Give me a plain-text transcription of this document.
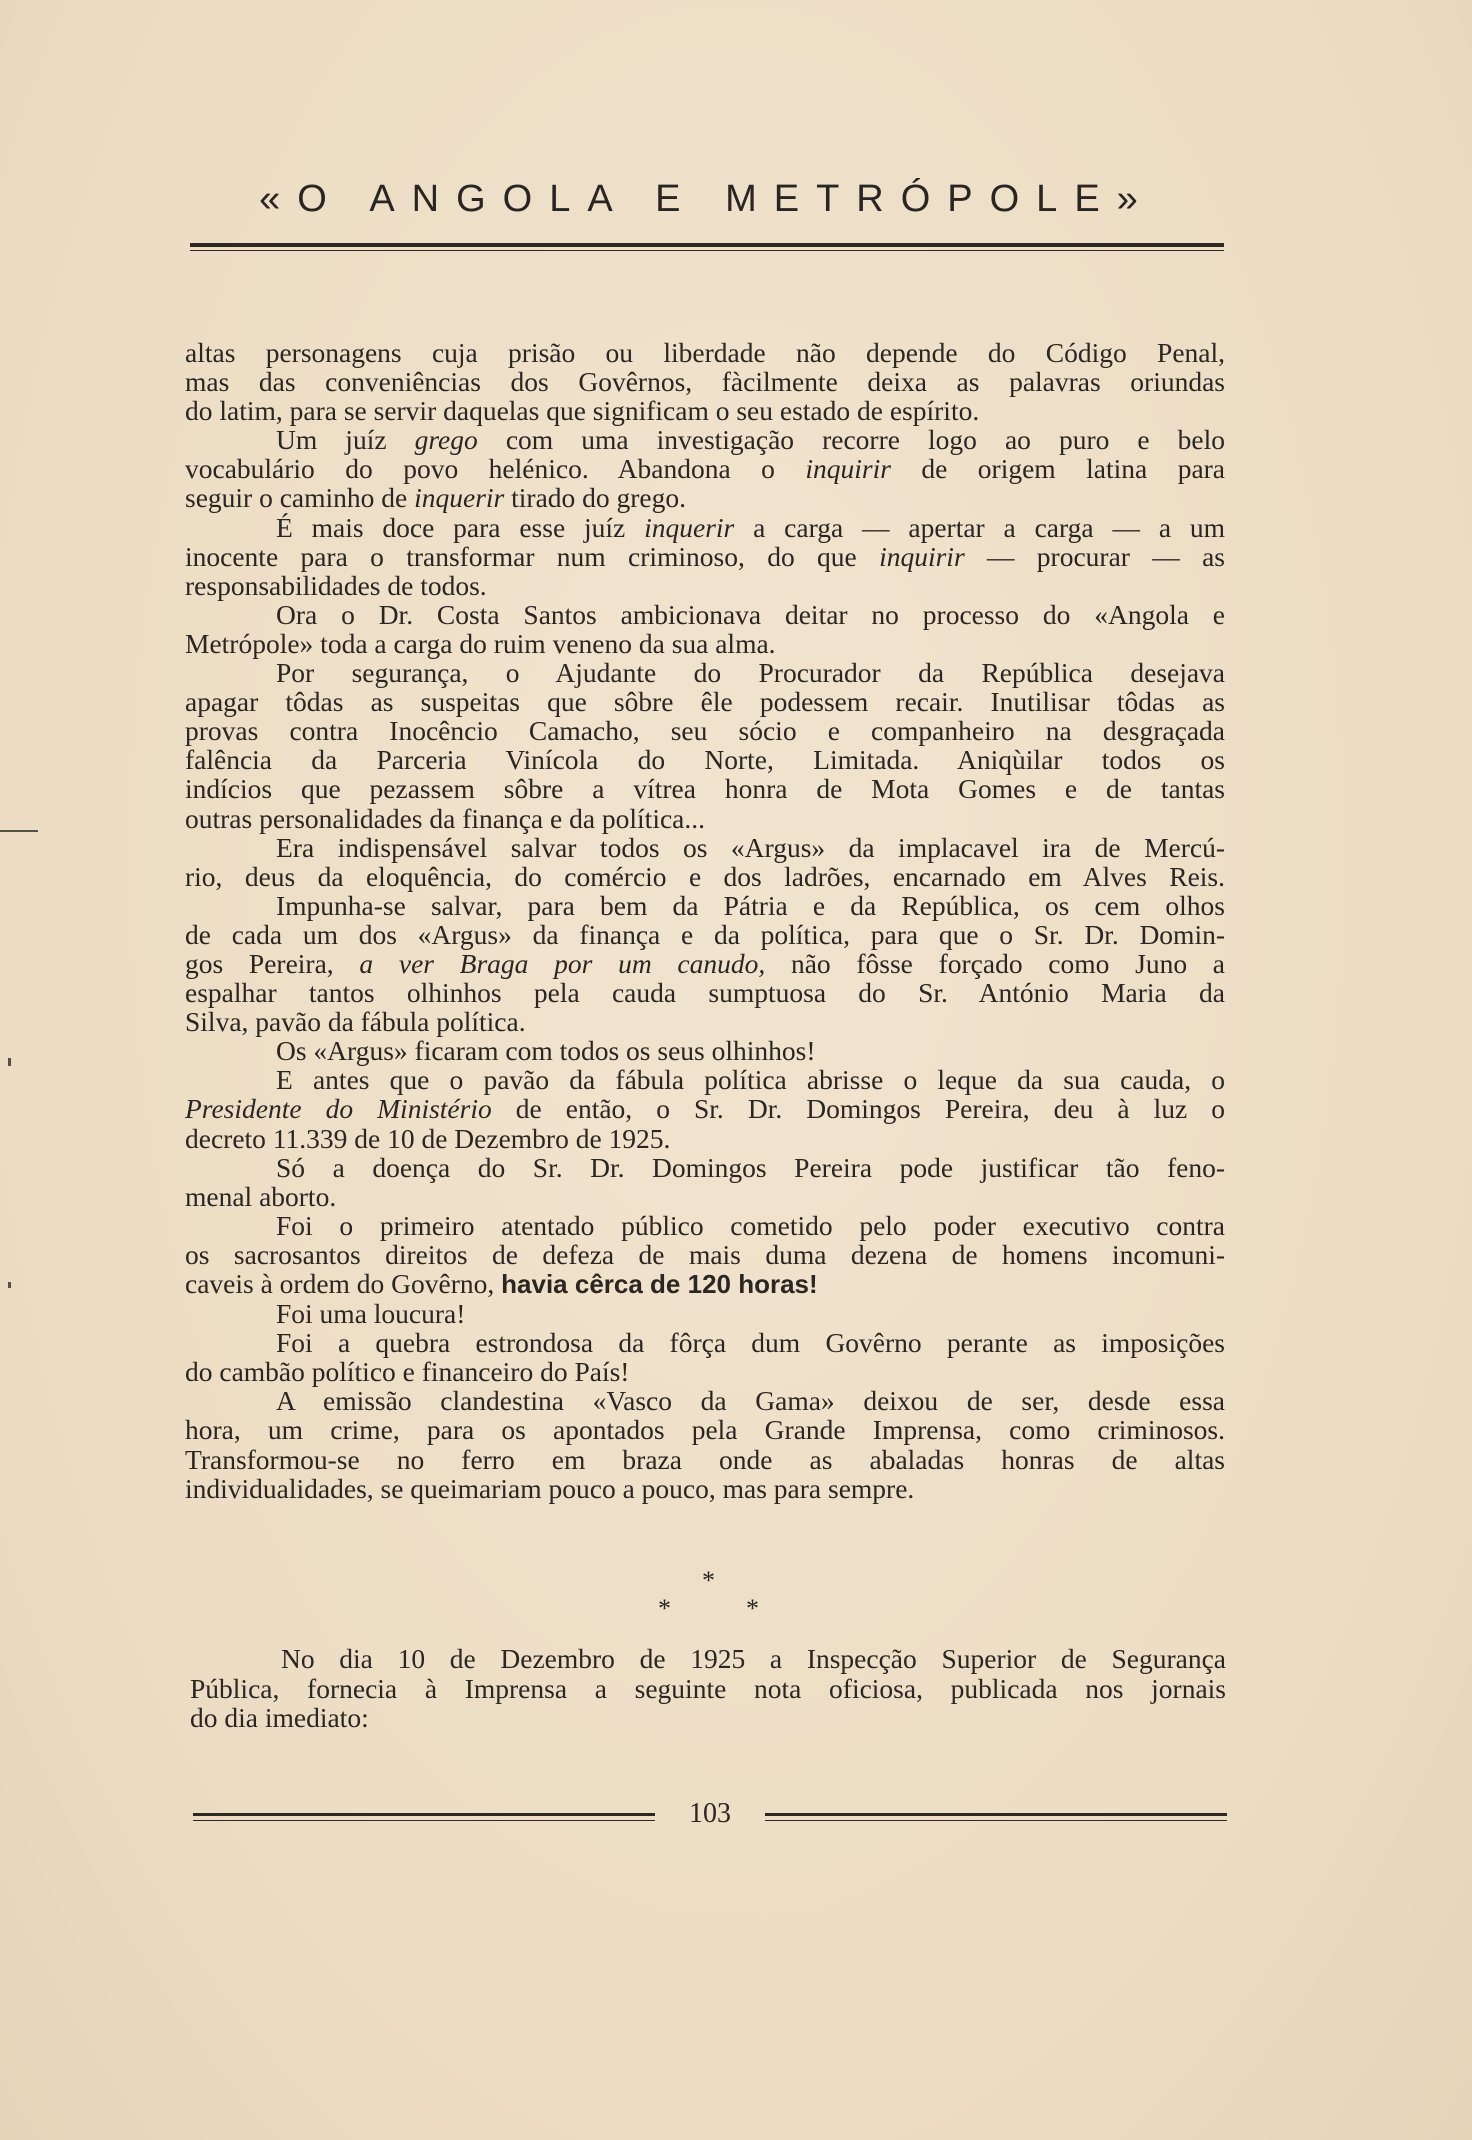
«O ANGOLA E METRÓPOLE»
altas personagens cuja prisão ou liberdade não depende do Código Penal,
mas das conveniências dos Govêrnos, fàcilmente deixa as palavras oriundas
do latim, para se servir daquelas que significam o seu estado de espírito.
Um juíz grego com uma investigação recorre logo ao puro e belo
vocabulário do povo helénico. Abandona o inquirir de origem latina para
seguir o caminho de inquerir tirado do grego.
É mais doce para esse juíz inquerir a carga — apertar a carga — a um
inocente para o transformar num criminoso, do que inquirir — procurar — as
responsabilidades de todos.
Ora o Dr. Costa Santos ambicionava deitar no processo do «Angola e
Metrópole» toda a carga do ruim veneno da sua alma.
Por segurança, o Ajudante do Procurador da República desejava
apagar tôdas as suspeitas que sôbre êle podessem recair. Inutilisar tôdas as
provas contra Inocêncio Camacho, seu sócio e companheiro na desgraçada
falência da Parceria Vinícola do Norte, Limitada. Aniqùilar todos os
indícios que pezassem sôbre a vítrea honra de Mota Gomes e de tantas
outras personalidades da finança e da política...
Era indispensável salvar todos os «Argus» da implacavel ira de Mercú-
rio, deus da eloquência, do comércio e dos ladrões, encarnado em Alves Reis.
Impunha-se salvar, para bem da Pátria e da República, os cem olhos
de cada um dos «Argus» da finança e da política, para que o Sr. Dr. Domin-
gos Pereira, a ver Braga por um canudo, não fôsse forçado como Juno a
espalhar tantos olhinhos pela cauda sumptuosa do Sr. António Maria da
Silva, pavão da fábula política.
Os «Argus» ficaram com todos os seus olhinhos!
E antes que o pavão da fábula política abrisse o leque da sua cauda, o
Presidente do Ministério de então, o Sr. Dr. Domingos Pereira, deu à luz o
decreto 11.339 de 10 de Dezembro de 1925.
Só a doença do Sr. Dr. Domingos Pereira pode justificar tão feno-
menal aborto.
Foi o primeiro atentado público cometido pelo poder executivo contra
os sacrosantos direitos de defeza de mais duma dezena de homens incomuni-
caveis à ordem do Govêrno, havia cêrca de 120 horas!
Foi uma loucura!
Foi a quebra estrondosa da fôrça dum Govêrno perante as imposições
do cambão político e financeiro do País!
A emissão clandestina «Vasco da Gama» deixou de ser, desde essa
hora, um crime, para os apontados pela Grande Imprensa, como criminosos.
Transformou-se no ferro em braza onde as abaladas honras de altas
individualidades, se queimariam pouco a pouco, mas para sempre.
*
*	*
No dia 10 de Dezembro de 1925 a Inspecção Superior de Segurança
Pública, fornecia à Imprensa a seguinte nota oficiosa, publicada nos jornais
do dia imediato:
103
